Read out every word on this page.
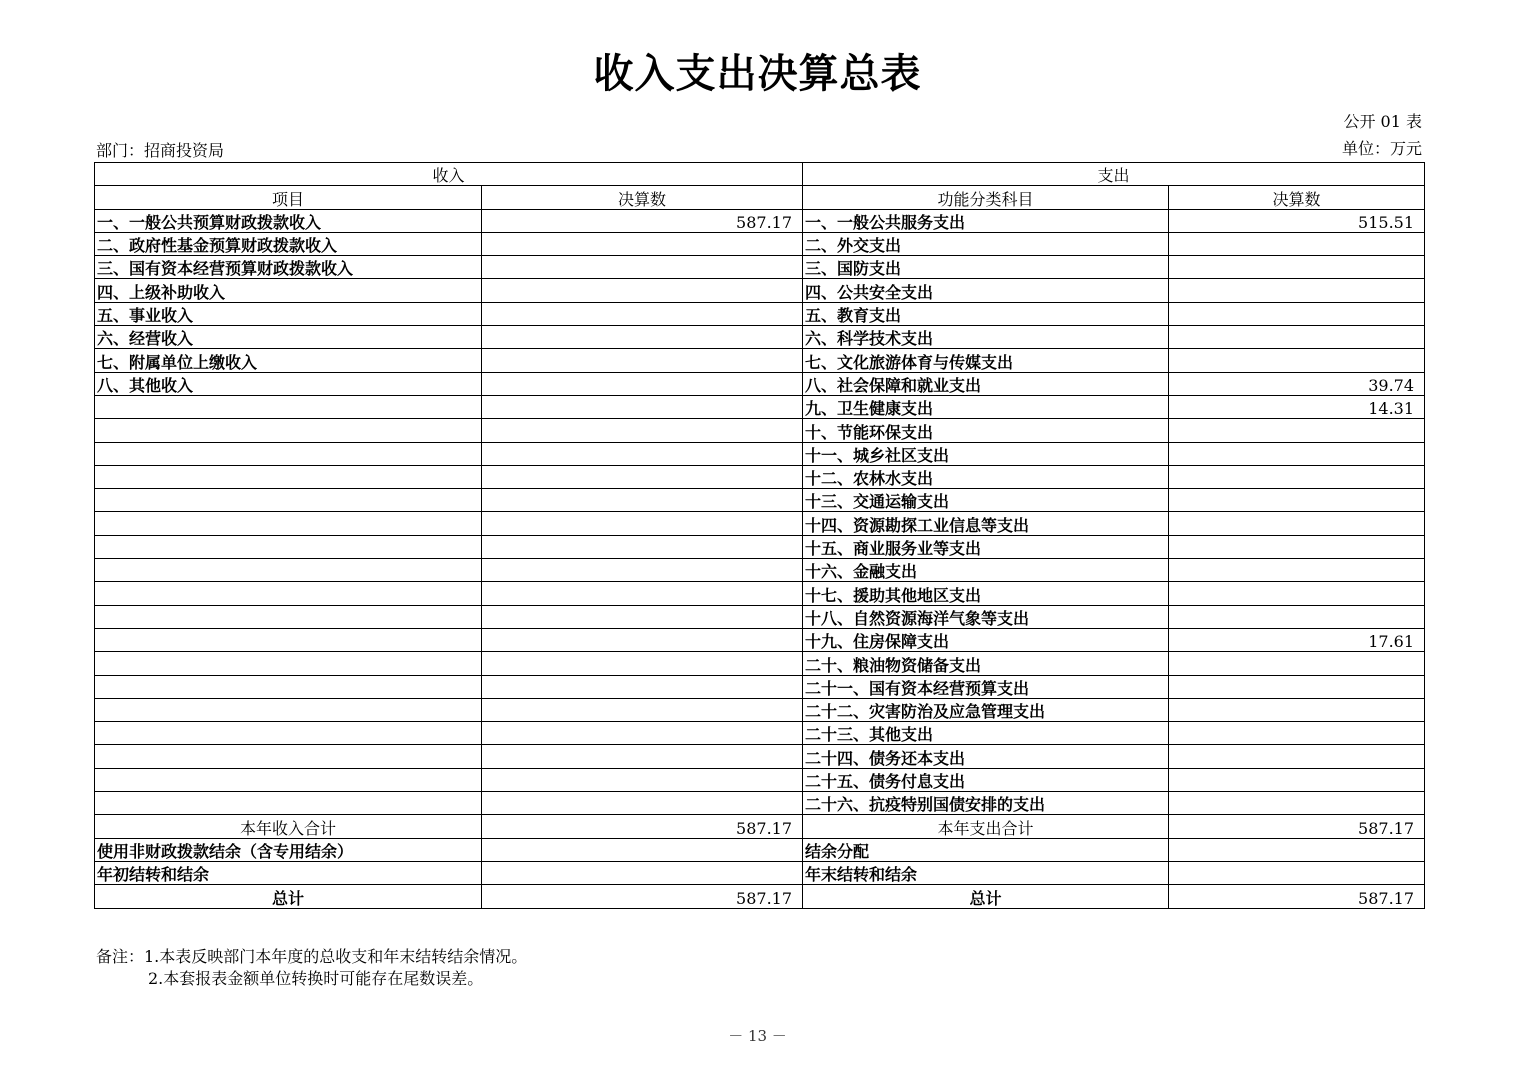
收入支出决算总表
公开 01 表
部门：招商投资局	单位：万元
收入		支出	
项目	决算数	功能分类科目	决算数
一、一般公共预算财政拨款收入	587.17	一、一般公共服务支出	515.51
二、政府性基金预算财政拨款收入		二、外交支出	
三、国有资本经营预算财政拨款收入		三、国防支出	
四、上级补助收入		四、公共安全支出	
五、事业收入		五、教育支出	
六、经营收入		六、科学技术支出	
七、附属单位上缴收入		七、文化旅游体育与传媒支出	
八、其他收入		八、社会保障和就业支出	39.74
		九、卫生健康支出	14.31
		十、节能环保支出	
		十一、城乡社区支出	
		十二、农林水支出	
		十三、交通运输支出	
		十四、资源勘探工业信息等支出	
		十五、商业服务业等支出	
		十六、金融支出	
		十七、援助其他地区支出	
		十八、自然资源海洋气象等支出	
		十九、住房保障支出	17.61
		二十、粮油物资储备支出	
		二十一、国有资本经营预算支出	
		二十二、灾害防治及应急管理支出	
		二十三、其他支出	
		二十四、债务还本支出	
		二十五、债务付息支出	
		二十六、抗疫特别国债安排的支出	
本年收入合计	587.17	本年支出合计	587.17
使用非财政拨款结余（含专用结余）		结余分配	
年初结转和结余		年末结转和结余	
总计	587.17	总计	587.17
备注：1.本表反映部门本年度的总收支和年末结转结余情况。
2.本套报表金额单位转换时可能存在尾数误差。
－ 13 －
